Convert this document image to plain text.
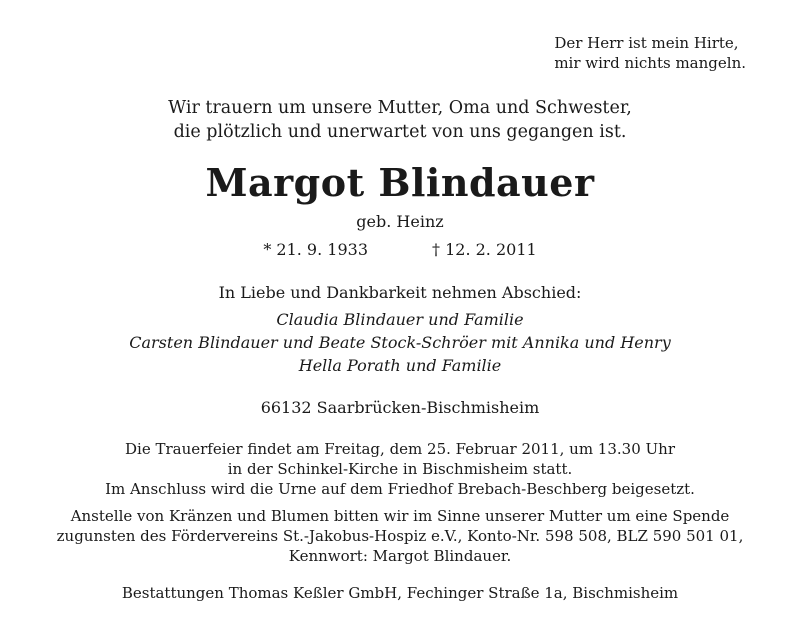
Der Herr ist mein Hirte,
mir wird nichts mangeln.
Wir trauern um unsere Mutter, Oma und Schwester,
die plötzlich und unerwartet von uns gegangen ist.
Margot Blindauer
geb. Heinz
* 21. 9. 1933	† 12. 2. 2011
In Liebe und Dankbarkeit nehmen Abschied:
Claudia Blindauer und Familie
Carsten Blindauer und Beate Stock-Schröer mit Annika und Henry
Hella Porath und Familie
66132 Saarbrücken-Bischmisheim
Die Trauerfeier findet am Freitag, dem 25. Februar 2011, um 13.30 Uhr
in der Schinkel-Kirche in Bischmisheim statt.
Im Anschluss wird die Urne auf dem Friedhof Brebach-Beschberg beigesetzt.
Anstelle von Kränzen und Blumen bitten wir im Sinne unserer Mutter um eine Spende
zugunsten des Fördervereins St.-Jakobus-Hospiz e.V., Konto-Nr. 598 508, BLZ 590 501 01,
Kennwort: Margot Blindauer.
Bestattungen Thomas Keßler GmbH, Fechinger Straße 1a, Bischmisheim
